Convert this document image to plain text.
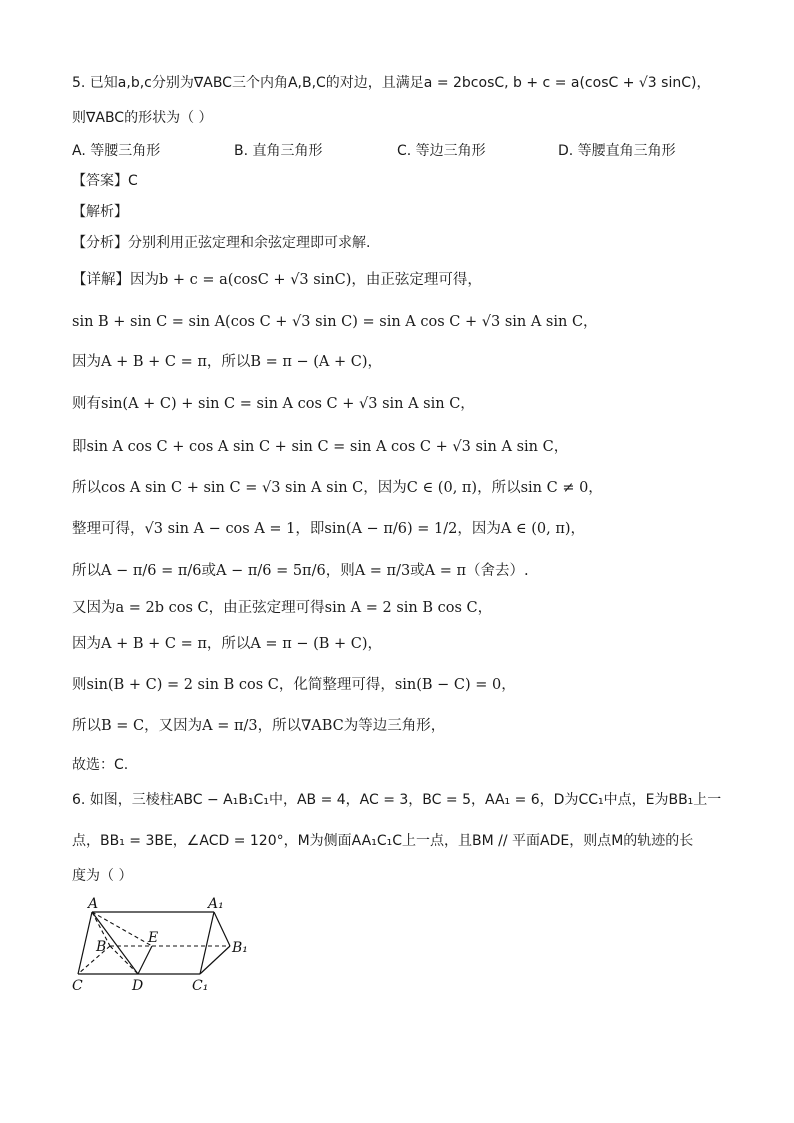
5. 已知a,b,c分别为∇ABC三个内角A,B,C的对边，且满足a = 2bcosC, b + c = a(cosC + √3 sinC)，
则∇ABC的形状为（ ）
A. 等腰三角形	B. 直角三角形	C. 等边三角形	D. 等腰直角三角形
【答案】C
【解析】
【分析】分别利用正弦定理和余弦定理即可求解.
【详解】因为b + c = a(cosC + √3 sinC)，由正弦定理可得，
sin B + sin C = sin A(cos C + √3 sin C) = sin A cos C + √3 sin A sin C，
因为A + B + C = π，所以B = π − (A + C)，
则有sin(A + C) + sin C = sin A cos C + √3 sin A sin C，
即sin A cos C + cos A sin C + sin C = sin A cos C + √3 sin A sin C，
所以cos A sin C + sin C = √3 sin A sin C，因为C ∈ (0, π)，所以sin C ≠ 0，
整理可得，√3 sin A − cos A = 1，即sin(A − π/6) = 1/2，因为A ∈ (0, π)，
所以A − π/6 = π/6或A − π/6 = 5π/6，则A = π/3或A = π（舍去）.
又因为a = 2b cos C，由正弦定理可得sin A = 2 sin B cos C，
因为A + B + C = π，所以A = π − (B + C)，
则sin(B + C) = 2 sin B cos C，化简整理可得，sin(B − C) = 0，
所以B = C，又因为A = π/3，所以∇ABC为等边三角形，
故选：C.
6. 如图，三棱柱ABC − A₁B₁C₁中，AB = 4，AC = 3，BC = 5，AA₁ = 6，D为CC₁中点，E为BB₁上一
点，BB₁ = 3BE，∠ACD = 120°，M为侧面AA₁C₁C上一点，且BM // 平面ADE，则点M的轨迹的长
度为（ ）
A	A₁
B
E
B₁
C	D	C₁
